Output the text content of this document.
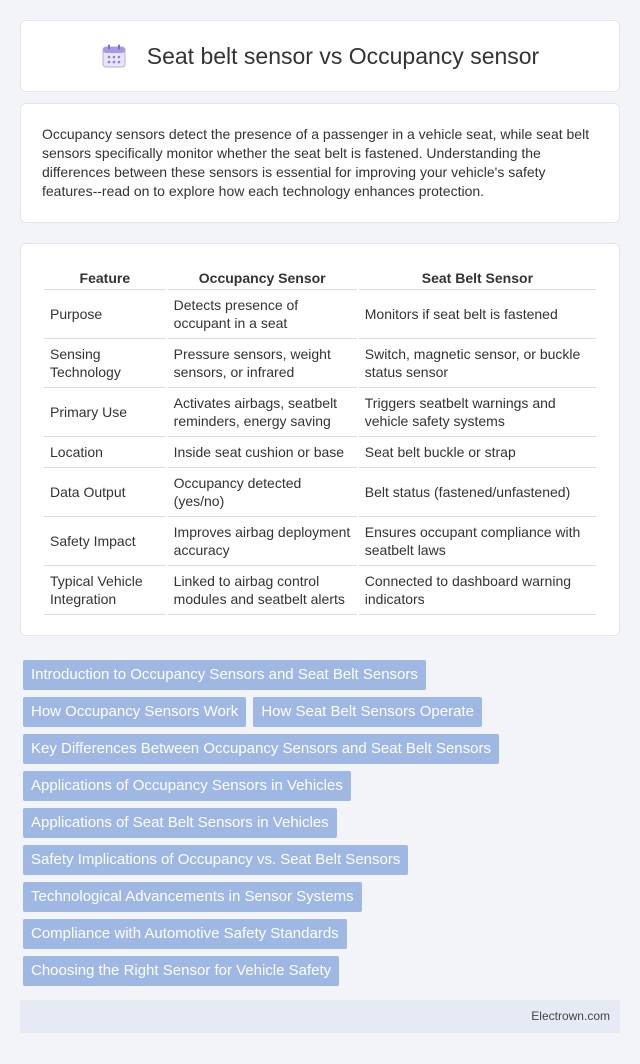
Seat belt sensor vs Occupancy sensor

Occupancy sensors detect the presence of a passenger in a vehicle seat, while seat belt sensors specifically monitor whether the seat belt is fastened. Understanding the differences between these sensors is essential for improving your vehicle's safety features--read on to explore how each technology enhances protection.

Feature	Occupancy Sensor	Seat Belt Sensor
Purpose	Detects presence of occupant in a seat	Monitors if seat belt is fastened
Sensing Technology	Pressure sensors, weight sensors, or infrared	Switch, magnetic sensor, or buckle status sensor
Primary Use	Activates airbags, seatbelt reminders, energy saving	Triggers seatbelt warnings and vehicle safety systems
Location	Inside seat cushion or base	Seat belt buckle or strap
Data Output	Occupancy detected (yes/no)	Belt status (fastened/unfastened)
Safety Impact	Improves airbag deployment accuracy	Ensures occupant compliance with seatbelt laws
Typical Vehicle Integration	Linked to airbag control modules and seatbelt alerts	Connected to dashboard warning indicators
Introduction to Occupancy Sensors and Seat Belt Sensors
How Occupancy Sensors Work	How Seat Belt Sensors Operate
Key Differences Between Occupancy Sensors and Seat Belt Sensors
Applications of Occupancy Sensors in Vehicles
Applications of Seat Belt Sensors in Vehicles
Safety Implications of Occupancy vs. Seat Belt Sensors
Technological Advancements in Sensor Systems
Compliance with Automotive Safety Standards
Choosing the Right Sensor for Vehicle Safety
Electrown.com
